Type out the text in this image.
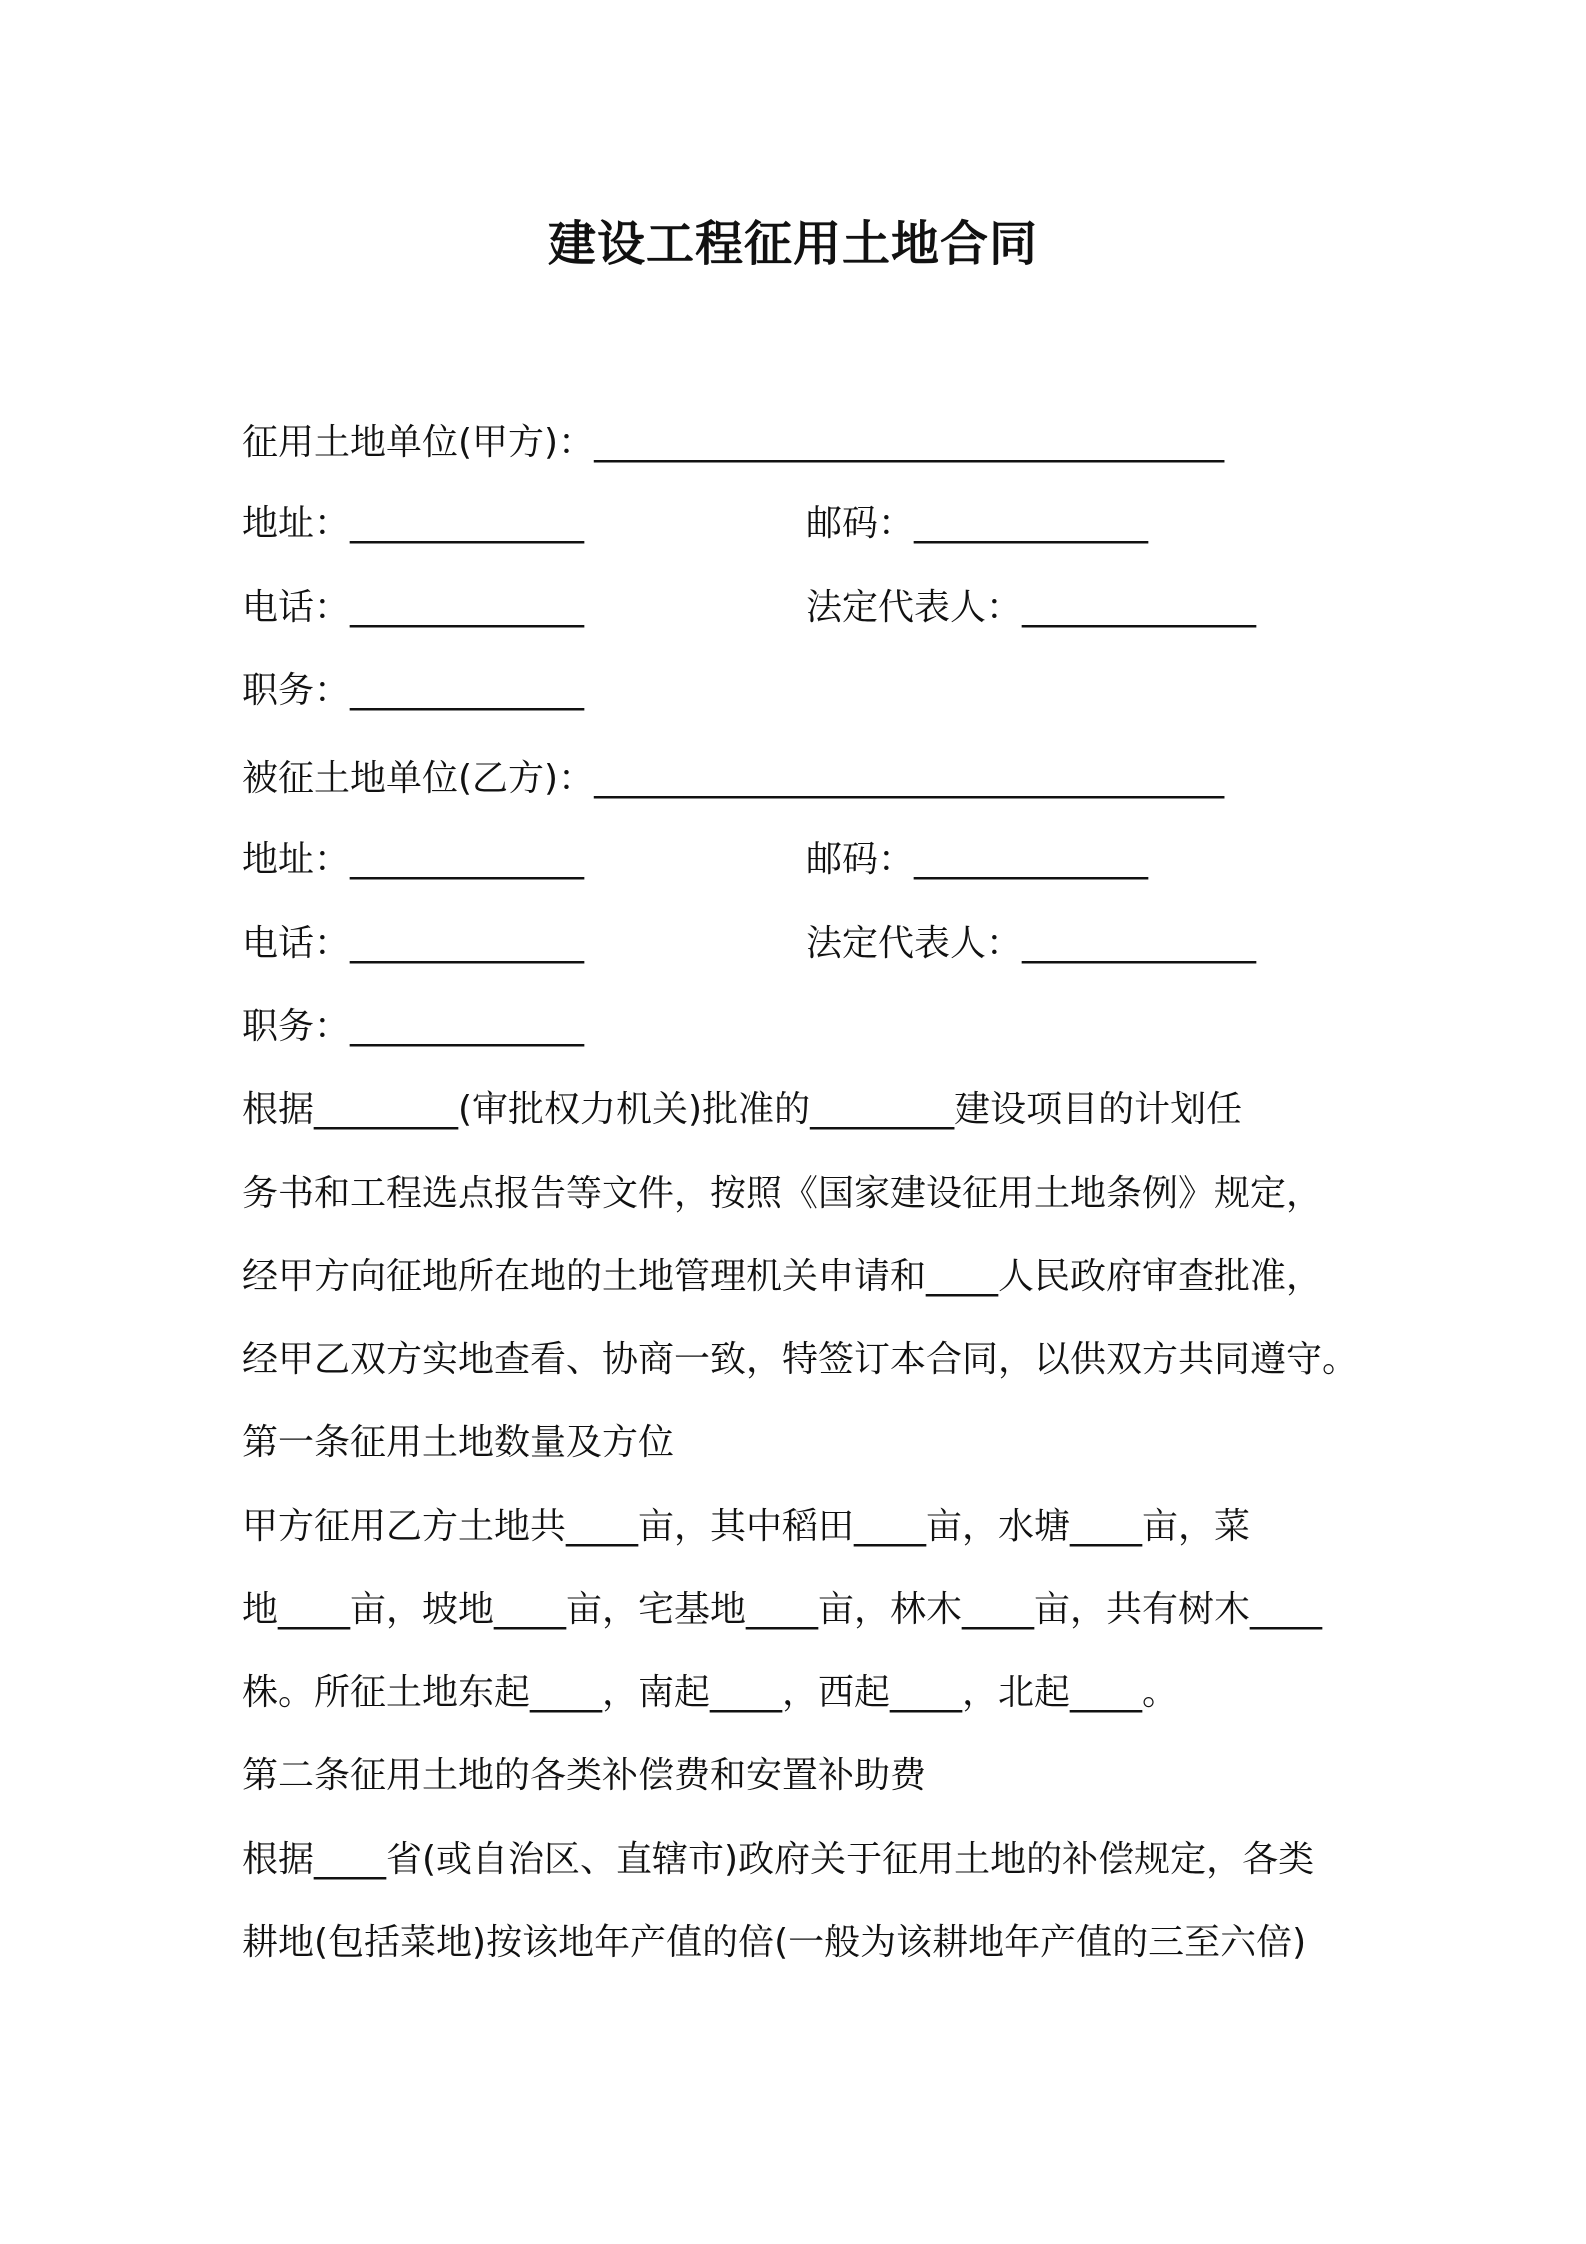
建设工程征用土地合同
征用土地单位(甲方)：___________________________________
地址：_____________	邮码：_____________
电话：_____________	法定代表人：_____________
职务：_____________
被征土地单位(乙方)：___________________________________
地址：_____________	邮码：_____________
电话：_____________	法定代表人：_____________
职务：_____________
根据________(审批权力机关)批准的________建设项目的计划任
务书和工程选点报告等文件，按照《国家建设征用土地条例》规定，
经甲方向征地所在地的土地管理机关申请和____人民政府审查批准，
经甲乙双方实地查看、协商一致，特签订本合同，以供双方共同遵守。
第一条征用土地数量及方位
甲方征用乙方土地共____亩，其中稻田____亩，水塘____亩，菜
地____亩，坡地____亩，宅基地____亩，林木____亩，共有树木____
株。所征土地东起____，南起____，西起____，北起____。
第二条征用土地的各类补偿费和安置补助费
根据____省(或自治区、直辖市)政府关于征用土地的补偿规定，各类
耕地(包括菜地)按该地年产值的倍(一般为该耕地年产值的三至六倍)
